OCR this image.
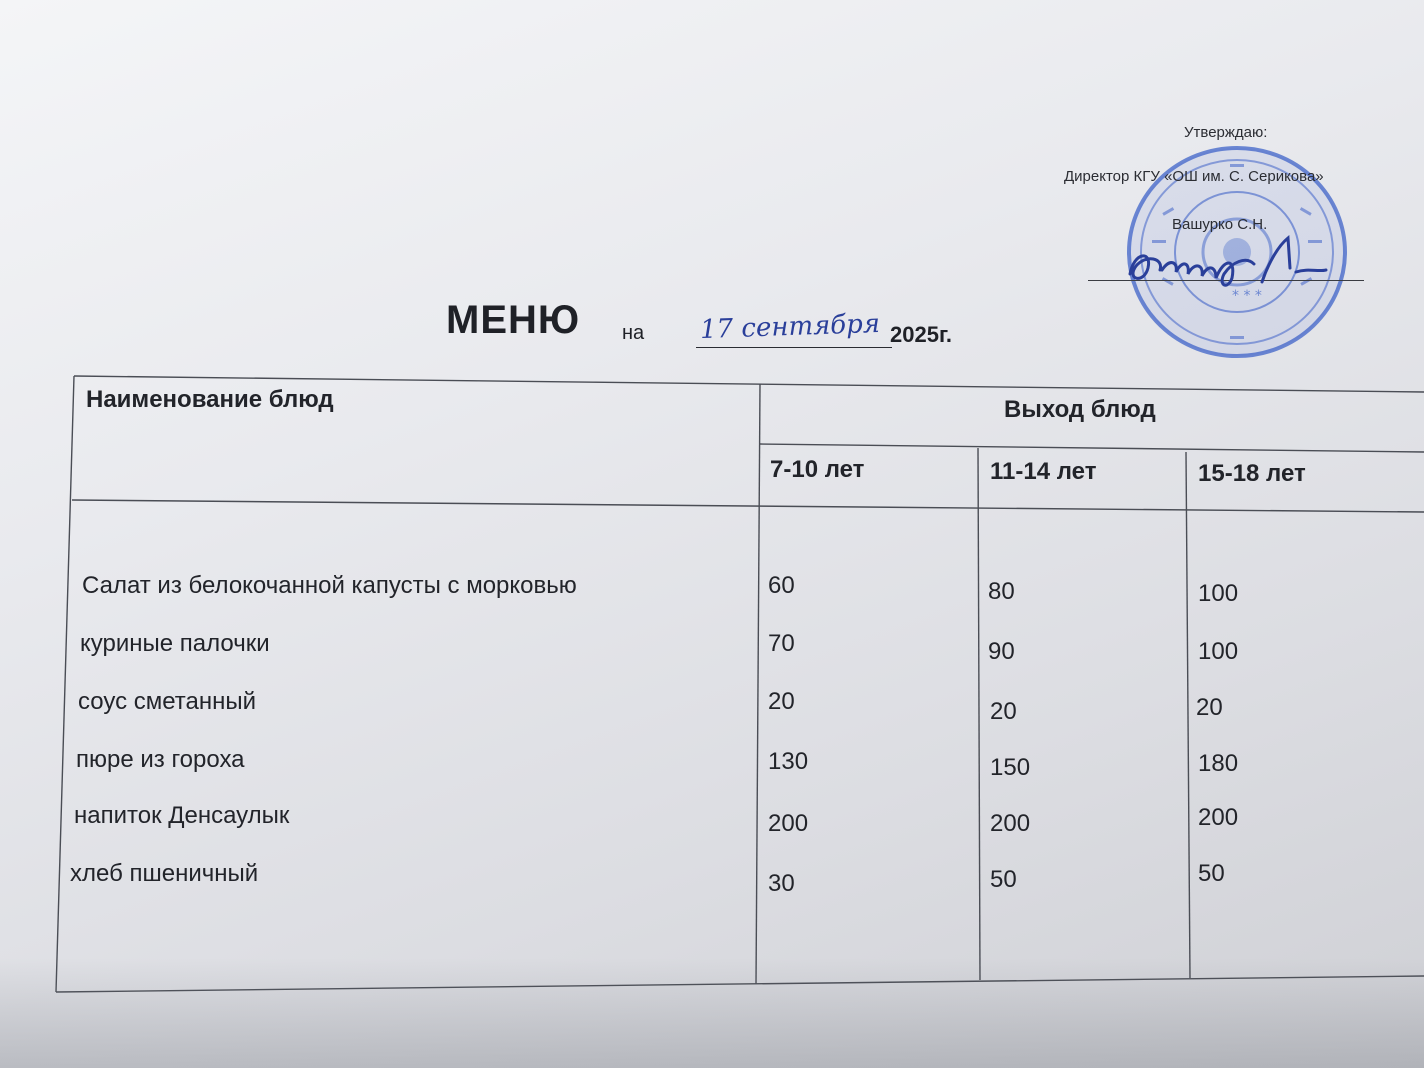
* * *
Утверждаю:
Директор КГУ «ОШ им. С. Серикова»
Вашурко С.Н.
МЕНЮ на 17 сентября 2025г.
Наименование блюд	Выход блюд
7-10 лет	11-14 лет	15-18 лет
Салат из белокочанной капусты с морковью	60	80	100
куриные палочки	70	90	100
соус сметанный	20	20	20
пюре из гороха	130	150	180
напиток Денсаулык	200	200	200
хлеб пшеничный	30	50	50
